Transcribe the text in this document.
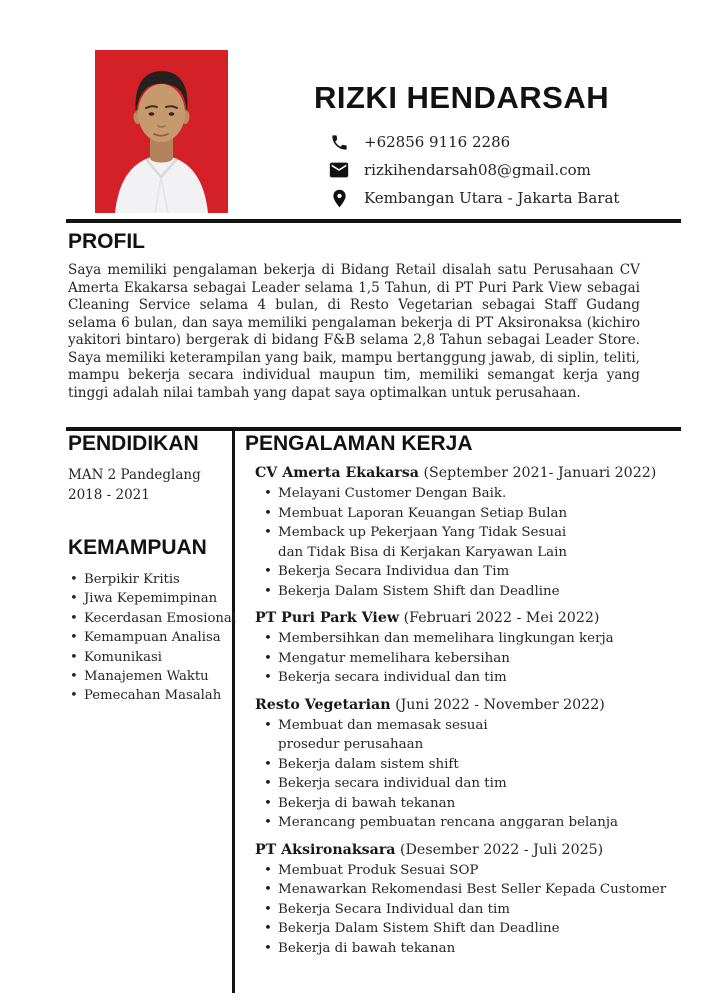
RIZKI HENDARSAH
+62856 9116 2286
rizkihendarsah08@gmail.com
Kembangan Utara - Jakarta Barat
PROFIL

Saya memiliki pengalaman bekerja di Bidang Retail disalah satu Perusahaan CV Amerta Ekakarsa sebagai Leader selama 1,5 Tahun, di PT Puri Park View sebagai Cleaning Service selama 4 bulan, di Resto Vegetarian sebagai Staff Gudang selama 6 bulan, dan saya memiliki pengalaman bekerja di PT Aksironaksa (kichiro yakitori bintaro) bergerak di bidang F&B selama 2,8 Tahun sebagai Leader Store. Saya memiliki keterampilan yang baik, mampu bertanggung jawab, di siplin, teliti, mampu bekerja secara individual maupun tim, memiliki semangat kerja yang tinggi adalah nilai tambah yang dapat saya optimalkan untuk perusahaan.

PENDIDIKAN
MAN 2 Pandeglang
2018 - 2021
KEMAMPUAN
• Berpikir Kritis
• Jiwa Kepemimpinan
• Kecerdasan Emosional
• Kemampuan Analisa
• Komunikasi
• Manajemen Waktu
• Pemecahan Masalah
PENGALAMAN KERJA
CV Amerta Ekakarsa (September 2021- Januari 2022)
• Melayani Customer Dengan Baik.
• Membuat Laporan Keuangan Setiap Bulan
• Memback up Pekerjaan Yang Tidak Sesuai
dan Tidak Bisa di Kerjakan Karyawan Lain
• Bekerja Secara Individua dan Tim
• Bekerja Dalam Sistem Shift dan Deadline
PT Puri Park View (Februari 2022 - Mei 2022)
• Membersihkan dan memelihara lingkungan kerja
• Mengatur memelihara kebersihan
• Bekerja secara individual dan tim
Resto Vegetarian (Juni 2022 - November 2022)
• Membuat dan memasak sesuai
prosedur perusahaan
• Bekerja dalam sistem shift
• Bekerja secara individual dan tim
• Bekerja di bawah tekanan
• Merancang pembuatan rencana anggaran belanja
PT Aksironaksara (Desember 2022 - Juli 2025)
• Membuat Produk Sesuai SOP
• Menawarkan Rekomendasi Best Seller Kepada Customer
• Bekerja Secara Individual dan tim
• Bekerja Dalam Sistem Shift dan Deadline
• Bekerja di bawah tekanan
